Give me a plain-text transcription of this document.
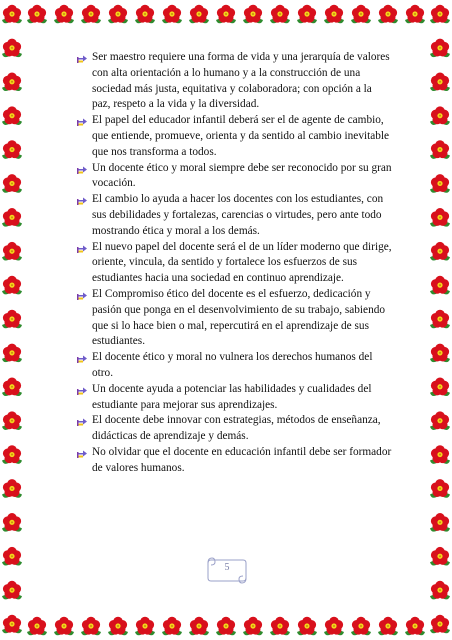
Ser maestro requiere una forma de vida y una jerarquía de valores con alta orientación a lo humano y a la construcción de una sociedad más justa, equitativa y colaboradora; con opción a la paz, respeto a la vida y la diversidad.
El papel del educador infantil deberá ser el de agente de cambio, que entiende, promueve, orienta y da sentido al cambio inevitable que nos transforma a todos.
Un docente ético y moral siempre debe ser reconocido por su gran vocación.
El cambio lo ayuda a hacer los docentes con los estudiantes, con sus debilidades y fortalezas, carencias o virtudes, pero ante todo mostrando ética y moral a los demás.
El nuevo papel del docente será el de un líder moderno que dirige, oriente, vincula, da sentido y fortalece los esfuerzos de sus estudiantes hacia una sociedad en continuo aprendizaje.
El Compromiso ético del docente es el esfuerzo, dedicación y pasión que ponga en el desenvolvimiento de su trabajo, sabiendo que si lo hace bien o mal, repercutirá en el aprendizaje de sus estudiantes.
El docente ético y moral no vulnera los derechos humanos del otro.
Un docente ayuda a potenciar las habilidades y cualidades del estudiante para mejorar sus aprendizajes.
El docente debe innovar con estrategias, métodos de enseñanza, didácticas de aprendizaje y demás.
No olvidar que el docente en educación infantil debe ser formador de valores humanos.
5
